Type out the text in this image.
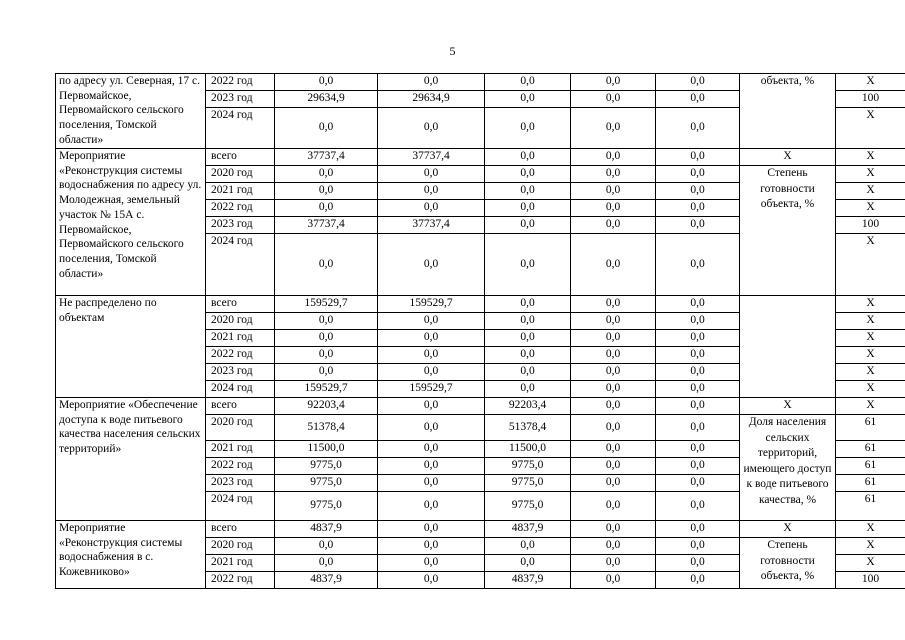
5
по адресу ул. Северная, 17 с. Первомайское, Первомайского сельского поселения, Томской области»	2022 год	0,0	0,0	0,0	0,0	0,0	объекта, %	X
	2023 год	29634,9	29634,9	0,0	0,0	0,0		100
	2024 год	0,0	0,0	0,0	0,0	0,0		X
Мероприятие «Реконструкция системы водоснабжения по адресу ул. Молодежная, земельный участок № 15А с. Первомайское, Первомайского сельского поселения, Томской области»	всего	37737,4	37737,4	0,0	0,0	0,0	X	X
	2020 год	0,0	0,0	0,0	0,0	0,0	Степень готовности объекта, %	X
	2021 год	0,0	0,0	0,0	0,0	0,0		X
	2022 год	0,0	0,0	0,0	0,0	0,0		X
	2023 год	37737,4	37737,4	0,0	0,0	0,0		100
	2024 год	0,0	0,0	0,0	0,0	0,0		X
Не распределено по объектам	всего	159529,7	159529,7	0,0	0,0	0,0		X
	2020 год	0,0	0,0	0,0	0,0	0,0		X
	2021 год	0,0	0,0	0,0	0,0	0,0		X
	2022 год	0,0	0,0	0,0	0,0	0,0		X
	2023 год	0,0	0,0	0,0	0,0	0,0		X
	2024 год	159529,7	159529,7	0,0	0,0	0,0		X
Мероприятие «Обеспечение доступа к воде питьевого качества населения сельских территорий»	всего	92203,4	0,0	92203,4	0,0	0,0	X	X
	2020 год	51378,4	0,0	51378,4	0,0	0,0	Доля населения сельских территорий, имеющего доступ к воде питьевого качества, %	61
	2021 год	11500,0	0,0	11500,0	0,0	0,0		61
	2022 год	9775,0	0,0	9775,0	0,0	0,0		61
	2023 год	9775,0	0,0	9775,0	0,0	0,0		61
	2024 год	9775,0	0,0	9775,0	0,0	0,0		61
Мероприятие «Реконструкция системы водоснабжения в с. Кожевниково»	всего	4837,9	0,0	4837,9	0,0	0,0	X	X
	2020 год	0,0	0,0	0,0	0,0	0,0	Степень готовности объекта, %	X
	2021 год	0,0	0,0	0,0	0,0	0,0		X
	2022 год	4837,9	0,0	4837,9	0,0	0,0		100
